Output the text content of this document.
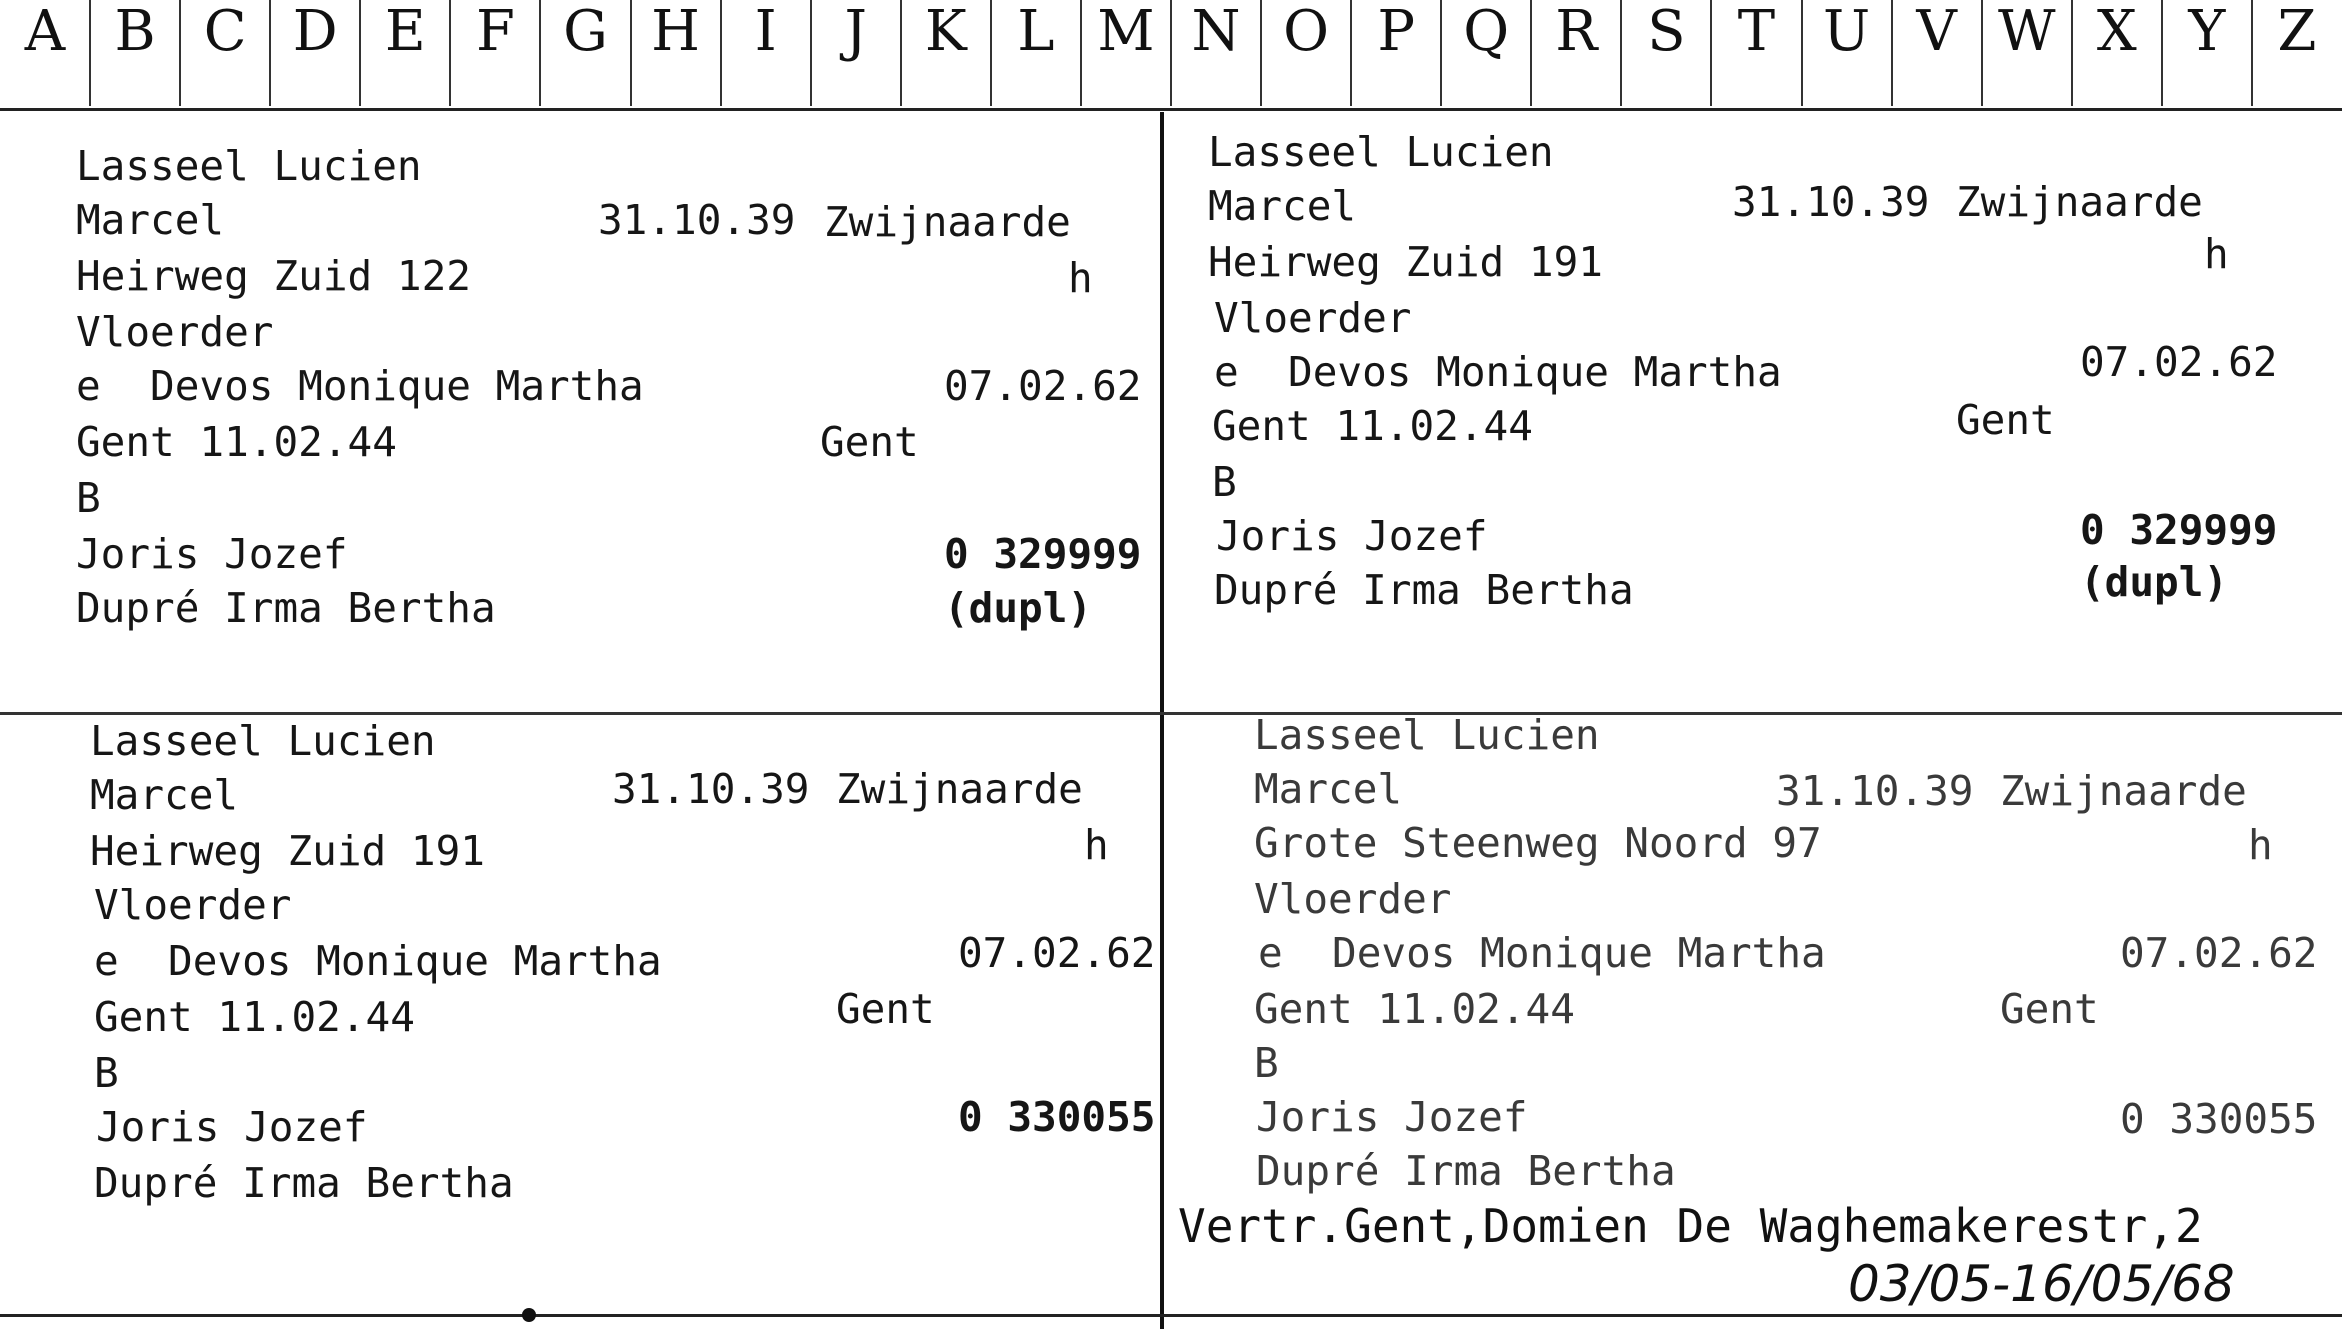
A B C D E F G H I	J	K L M N O P Q R S T U V W X Y Z
Lasseel Lucien
Marcel	31.10.39 Zwijnaarde
Heirweg Zuid 122	h
Vloerder
e  Devos Monique Martha	07.02.62
Gent 11.02.44	Gent
B
Joris Jozef	0 329999
Dupré Irma Bertha	(dupl)
Lasseel Lucien
Marcel	31.10.39 Zwijnaarde
Heirweg Zuid 191	h
Vloerder
e  Devos Monique Martha	07.02.62
Gent 11.02.44	Gent
B
Joris Jozef	0 329999
Dupré Irma Bertha	(dupl)
Lasseel Lucien
Marcel	31.10.39 Zwijnaarde
Heirweg Zuid 191	h
Vloerder
e  Devos Monique Martha	07.02.62
Gent 11.02.44	Gent
B
Joris Jozef	0 330055
Dupré Irma Bertha
Lasseel Lucien
Marcel	31.10.39 Zwijnaarde
Grote Steenweg Noord 97	h
Vloerder
e  Devos Monique Martha	07.02.62
Gent 11.02.44	Gent
B
Joris Jozef	0 330055
Dupré Irma Bertha
Vertr.Gent,Domien De Waghemakerestr,2
03/05-16/05/68
